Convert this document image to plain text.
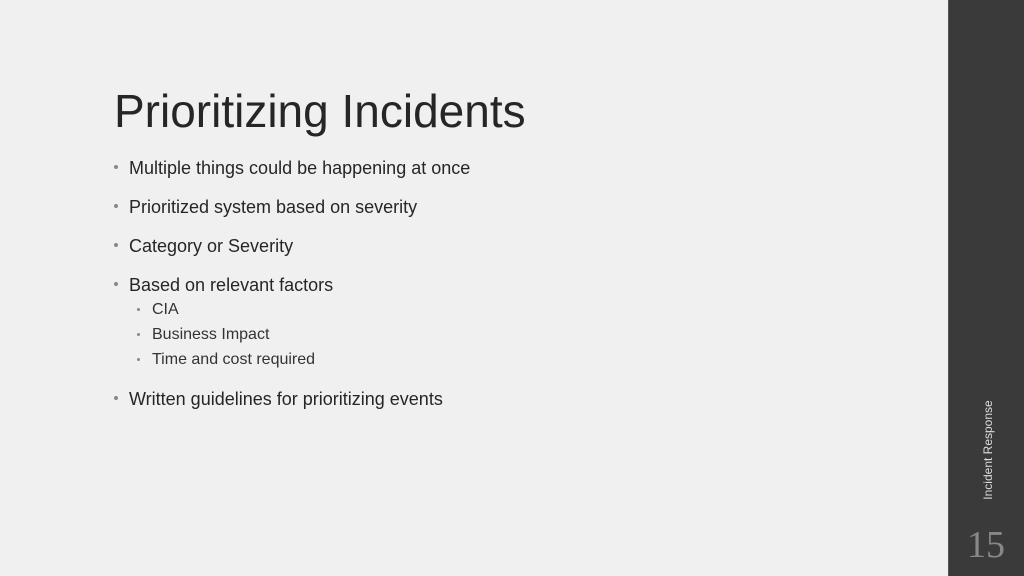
Prioritizing Incidents
Multiple things could be happening at once
Prioritized system based on severity
Category or Severity
Based on relevant factors
CIA
Business Impact
Time and cost required
Written guidelines for prioritizing events
Incident Response
15
